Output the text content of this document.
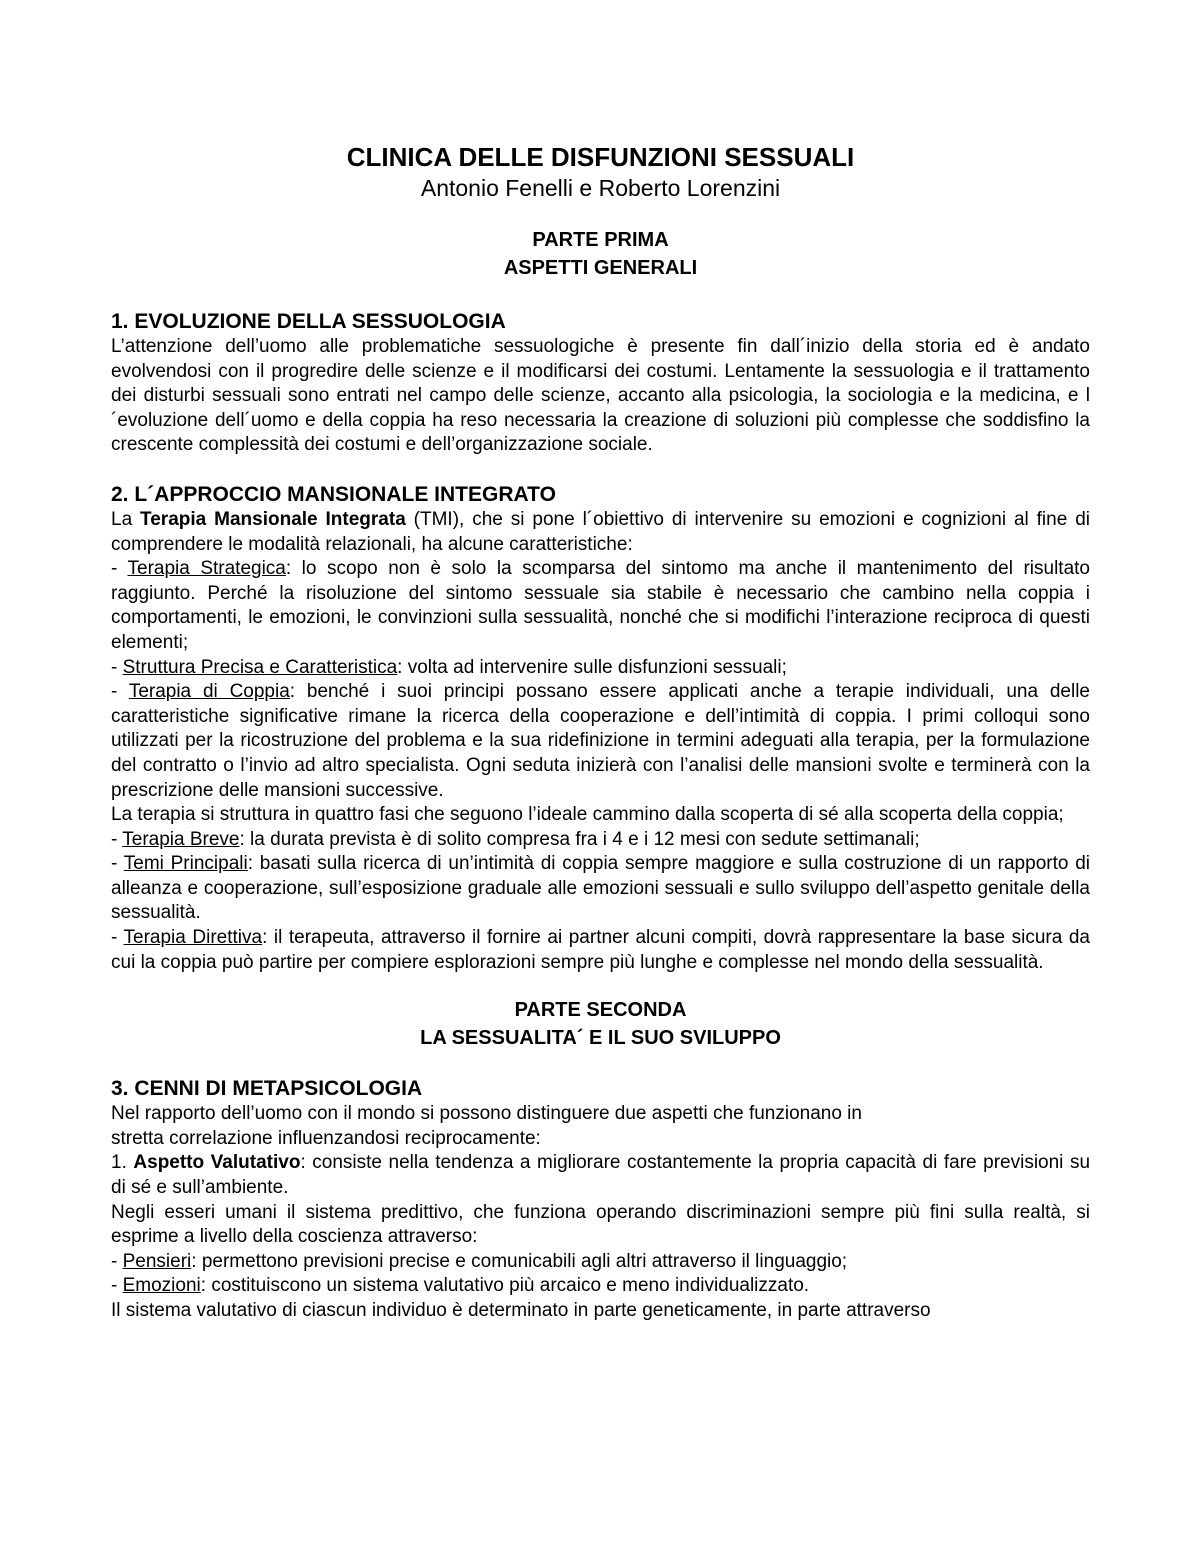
CLINICA DELLE DISFUNZIONI SESSUALI
Antonio Fenelli e Roberto Lorenzini
PARTE PRIMA
ASPETTI GENERALI
1. EVOLUZIONE DELLA SESSUOLOGIA

L’attenzione dell’uomo alle problematiche sessuologiche è presente fin dall´inizio della storia ed è andato evolvendosi con il progredire delle scienze e il modificarsi dei costumi. Lentamente la sessuologia e il trattamento dei disturbi sessuali sono entrati nel campo delle scienze, accanto alla psicologia, la sociologia e la medicina, e l´evoluzione dell´uomo e della coppia ha reso necessaria la creazione di soluzioni più complesse che soddisfino la crescente complessità dei costumi e dell’organizzazione sociale.

2. L´APPROCCIO MANSIONALE INTEGRATO

La Terapia Mansionale Integrata (TMI), che si pone l´obiettivo di intervenire su emozioni e cognizioni al fine di comprendere le modalità relazionali, ha alcune caratteristiche:

- Terapia Strategica: lo scopo non è solo la scomparsa del sintomo ma anche il mantenimento del risultato raggiunto. Perché la risoluzione del sintomo sessuale sia stabile è necessario che cambino nella coppia i comportamenti, le emozioni, le convinzioni sulla sessualità, nonché che si modifichi l’interazione reciproca di questi elementi;

- Struttura Precisa e Caratteristica: volta ad intervenire sulle disfunzioni sessuali;

- Terapia di Coppia: benché i suoi principi possano essere applicati anche a terapie individuali, una delle caratteristiche significative rimane la ricerca della cooperazione e dell’intimità di coppia. I primi colloqui sono utilizzati per la ricostruzione del problema e la sua ridefinizione in termini adeguati alla terapia, per la formulazione del contratto o l’invio ad altro specialista. Ogni seduta inizierà con l’analisi delle mansioni svolte e terminerà con la prescrizione delle mansioni successive.

La terapia si struttura in quattro fasi che seguono l’ideale cammino dalla scoperta di sé alla scoperta della coppia;

- Terapia Breve: la durata prevista è di solito compresa fra i 4 e i 12 mesi con sedute settimanali;

- Temi Principali: basati sulla ricerca di un’intimità di coppia sempre maggiore e sulla costruzione di un rapporto di alleanza e cooperazione, sull’esposizione graduale alle emozioni sessuali e sullo sviluppo dell’aspetto genitale della sessualità.

- Terapia Direttiva: il terapeuta, attraverso il fornire ai partner alcuni compiti, dovrà rappresentare la base sicura da cui la coppia può partire per compiere esplorazioni sempre più lunghe e complesse nel mondo della sessualità.

PARTE SECONDA
LA SESSUALITA´ E IL SUO SVILUPPO
3. CENNI DI METAPSICOLOGIA

Nel rapporto dell’uomo con il mondo si possono distinguere due aspetti che funzionano in

stretta correlazione influenzandosi reciprocamente:

1. Aspetto Valutativo: consiste nella tendenza a migliorare costantemente la propria capacità di fare previsioni su di sé e sull’ambiente.

Negli esseri umani il sistema predittivo, che funziona operando discriminazioni sempre più fini sulla realtà, si esprime a livello della coscienza attraverso:

- Pensieri: permettono previsioni precise e comunicabili agli altri attraverso il linguaggio;

- Emozioni: costituiscono un sistema valutativo più arcaico e meno individualizzato.

Il sistema valutativo di ciascun individuo è determinato in parte geneticamente, in parte attraverso
